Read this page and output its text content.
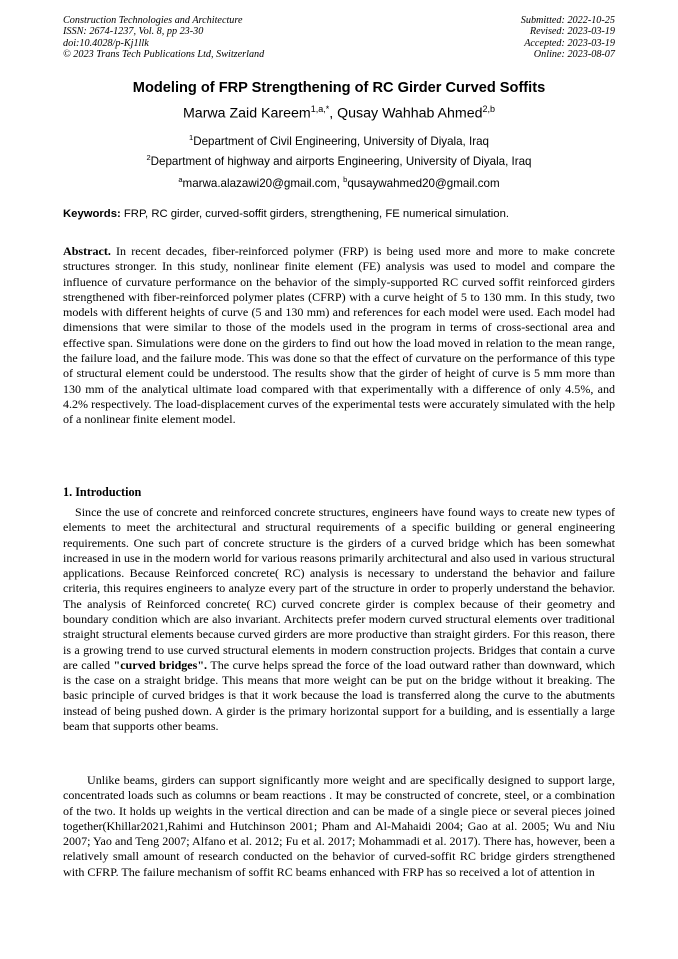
Construction Technologies and Architecture
ISSN: 2674-1237, Vol. 8, pp 23-30
doi:10.4028/p-Kj1llk
© 2023 Trans Tech Publications Ltd, Switzerland
Submitted: 2022-10-25
Revised: 2023-03-19
Accepted: 2023-03-19
Online: 2023-08-07
Modeling of FRP Strengthening of RC Girder Curved Soffits
Marwa Zaid Kareem$^{1,a,*}$, Qusay Wahhab Ahmed$^{2,b}$
$^1$Department of Civil Engineering, University of Diyala, Iraq
$^2$Department of highway and airports Engineering, University of Diyala, Iraq
$^a$marwa.alazawi20@gmail.com, $^b$qusaywahmed20@gmail.com
Keywords: FRP, RC girder, curved-soffit girders, strengthening, FE numerical simulation.
Abstract. In recent decades, fiber-reinforced polymer (FRP) is being used more and more to make concrete structures stronger. In this study, nonlinear finite element (FE) analysis was used to model and compare the influence of curvature performance on the behavior of the simply-supported RC curved soffit reinforced girders strengthened with fiber-reinforced polymer plates (CFRP) with a curve height of 5 to 130 mm. In this study, two models with different heights of curve (5 and 130 mm) and references for each model were used. Each model had dimensions that were similar to those of the models used in the program in terms of cross-sectional area and effective span. Simulations were done on the girders to find out how the load moved in relation to the mean range, the failure load, and the failure mode. This was done so that the effect of curvature on the performance of this type of structural element could be understood. The results show that the girder of height of curve is 5 mm more than 130 mm of the analytical ultimate load compared with that experimentally with a difference of only 4.5%, and 4.2% respectively. The load-displacement curves of the experimental tests were accurately simulated with the help of a nonlinear finite element model.
1. Introduction
Since the use of concrete and reinforced concrete structures, engineers have found ways to create new types of elements to meet the architectural and structural requirements of a specific building or general engineering requirements. One such part of concrete structure is the girders of a curved bridge which has been somewhat increased in use in the modern world for various reasons primarily architectural and also used in various structural applications. Because Reinforced concrete( RC) analysis is necessary to understand the behavior and failure criteria, this requires engineers to analyze every part of the structure in order to properly understand the behavior. The analysis of Reinforced concrete( RC) curved concrete girder is complex because of their geometry and boundary condition which are also invariant. Architects prefer modern curved structural elements over traditional straight structural elements because curved girders are more productive than straight girders. For this reason, there is a growing trend to use curved structural elements in modern construction projects. Bridges that contain a curve are called "curved bridges". The curve helps spread the force of the load outward rather than downward, which is the case on a straight bridge. This means that more weight can be put on the bridge without it breaking. The basic principle of curved bridges is that it work because the load is transferred along the curve to the abutments instead of being pushed down. A girder is the primary horizontal support for a building, and is essentially a large beam that supports other beams.
Unlike beams, girders can support significantly more weight and are specifically designed to support large, concentrated loads such as columns or beam reactions . It may be constructed of concrete, steel, or a combination of the two. It holds up weights in the vertical direction and can be made of a single piece or several pieces joined together(Khillar2021,Rahimi and Hutchinson 2001; Pham and Al-Mahaidi 2004; Gao at al. 2005; Wu and Niu 2007; Yao and Teng 2007; Alfano et al. 2012; Fu et al. 2017; Mohammadi et al. 2017). There has, however, been a relatively small amount of research conducted on the behavior of curved-soffit RC bridge girders strengthened with CFRP. The failure mechanism of soffit RC beams enhanced with FRP has so received a lot of attention in
